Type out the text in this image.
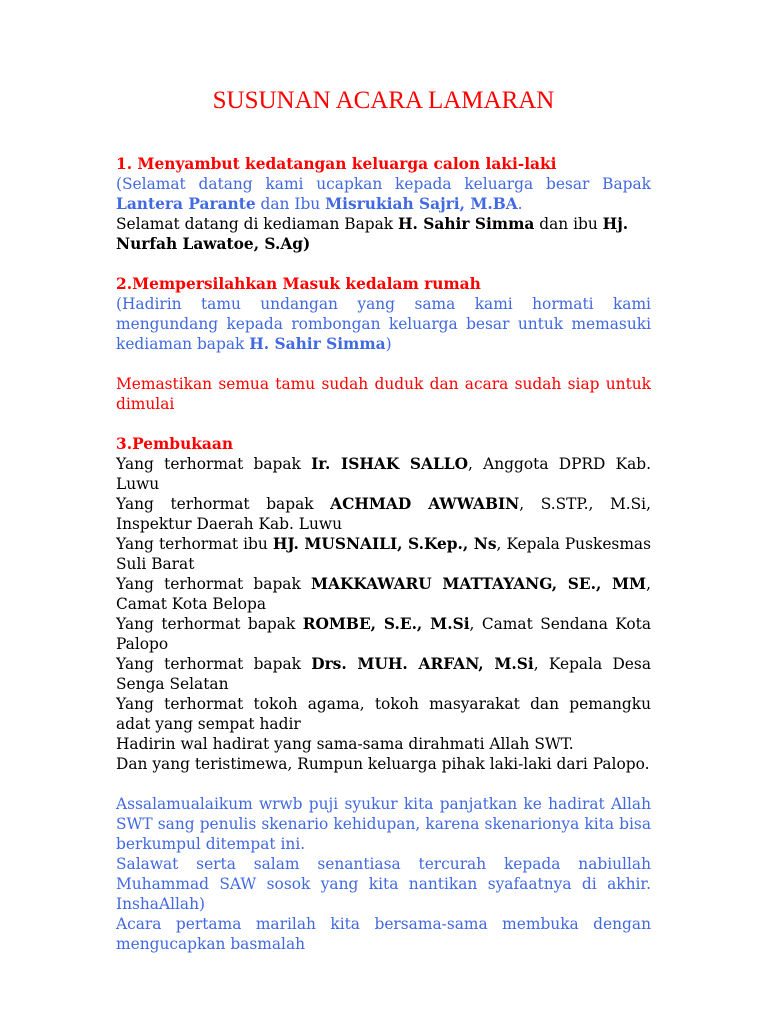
SUSUNAN ACARA LAMARAN
1. Menyambut kedatangan keluarga calon laki-laki
(Selamat datang kami ucapkan kepada keluarga besar Bapak Lantera Parante dan Ibu Misrukiah Sajri, M.BA.
Selamat datang di kediaman Bapak H. Sahir Simma dan ibu Hj. Nurfah Lawatoe, S.Ag)
2.Mempersilahkan Masuk kedalam rumah
(Hadirin tamu undangan yang sama kami hormati kami mengundang kepada rombongan keluarga besar untuk memasuki kediaman bapak H. Sahir Simma)
Memastikan semua tamu sudah duduk dan acara sudah siap untuk dimulai
3.Pembukaan
Yang terhormat bapak Ir. ISHAK SALLO, Anggota DPRD Kab. Luwu
Yang terhormat bapak ACHMAD AWWABIN, S.STP., M.Si, Inspektur Daerah Kab. Luwu
Yang terhormat ibu HJ. MUSNAILI, S.Kep., Ns, Kepala Puskesmas Suli Barat
Yang terhormat bapak MAKKAWARU MATTAYANG, SE., MM, Camat Kota Belopa
Yang terhormat bapak ROMBE, S.E., M.Si, Camat Sendana Kota Palopo
Yang terhormat bapak Drs. MUH. ARFAN, M.Si, Kepala Desa Senga Selatan
Yang terhormat tokoh agama, tokoh masyarakat dan pemangku adat yang sempat hadir
Hadirin wal hadirat yang sama-sama dirahmati Allah SWT.
Dan yang teristimewa, Rumpun keluarga pihak laki-laki dari Palopo.
Assalamualaikum wrwb puji syukur kita panjatkan ke hadirat Allah SWT sang penulis skenario kehidupan, karena skenarionya kita bisa berkumpul ditempat ini.
Salawat serta salam senantiasa tercurah kepada nabiullah Muhammad SAW sosok yang kita nantikan syafaatnya di akhir. InshaAllah)
Acara pertama marilah kita bersama-sama membuka dengan mengucapkan basmalah
